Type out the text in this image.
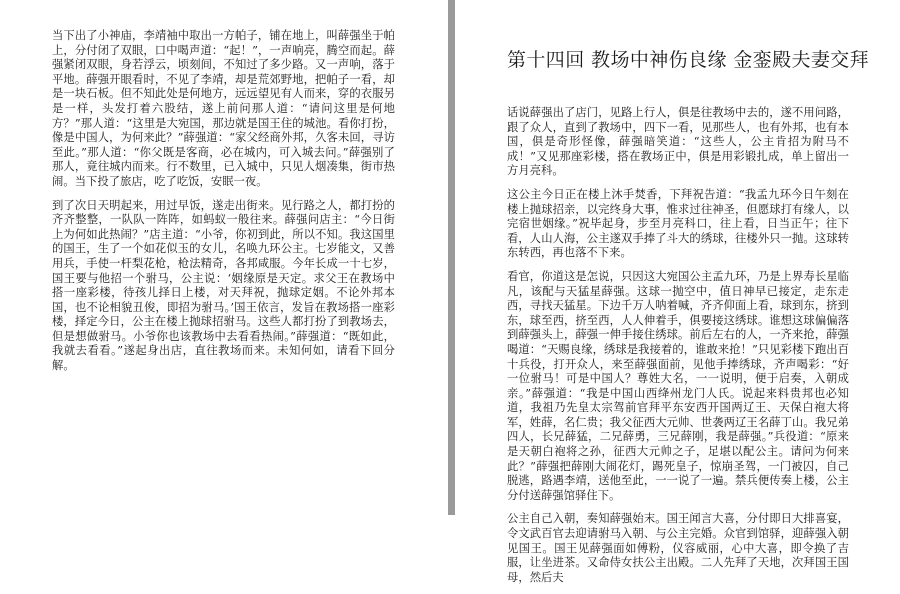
当下出了小神庙，李靖袖中取出一方帕子，铺在地上，叫薛强坐于帕上，分付闭了双眼，口中喝声道：“起！”，一声响亮，腾空而起。薛强紧闭双眼，身若浮云，顷刻间，不知过了多少路。又一声响，落于平地。薛强开眼看时，不见了李靖，却是荒郊野地，把帕子一看，却是一块石板。但不知此处是何地方，远远望见有人而来，穿的衣服另是一样，头发打着六股结，遂上前问那人道：“请问这里是何地方？”那人道：“这里是大宛国，那边就是国王住的城池。看你打扮，像是中国人，为何来此？”薛强道：“家父经商外邦，久客未回，寻访至此。”那人道：“你父既是客商，必在城内，可入城去问。”薛强别了那人，竟往城内而来。行不数里，已入城中，只见人烟凑集，街市热闹。当下投了旅店，吃了吃饭，安眠一夜。

到了次日天明起来，用过早饭，遂走出街来。见行路之人，都打扮的齐齐整整，一队队一阵阵，如蚂蚁一般往来。薛强问店主：“今日街上为何如此热闹？”店主道：“小爷，你初到此，所以不知。我这国里的国王，生了一个如花似玉的女儿，名唤九环公主。七岁能文，又善用兵，手使一杆梨花枪，枪法精奇，各邦咸服。今年长成一十七岁，国王要与他招一个驸马，公主说：‘姻缘原是天定。求父王在教场中搭一座彩楼，待孩儿择日上楼，对天拜祝，抛球定姻。不论外邦本国，也不论相貌丑俊，即招为驸马。’国王依言，发旨在教场搭一座彩楼，择定今日，公主在楼上抛球招驸马。这些人都打扮了到教场去，但是想做驸马。小爷你也该教场中去看看热闹。”薛强道：“既如此，我就去看看。”遂起身出店，直往教场而来。未知何如，请看下回分解。

第十四回 教场中神伤良缘 金銮殿夫妻交拜

话说薛强出了店门，见路上行人，俱是往教场中去的，遂不用问路，跟了众人，直到了教场中，四下一看，见那些人，也有外邦，也有本国，俱是奇形怪像，薛强暗笑道：“这些人，公主肯招为附马不成！”又见那座彩楼，搭在教场正中，俱是用彩锻扎成，单上留出一方月亮科。

这公主今日正在楼上沐手焚香，下拜祝告道：“我孟九环今日午刻在楼上抛球招亲，以完终身大事，惟求过往神圣，但愿球打有缘人，以完宿世姻缘。”祝毕起身，步至月亮科口，往上看，日当正午；往下看，人山人海，公主遂双手捧了斗大的绣球，往楼外只一抛。这球转东转西，再也落不下来。

看官，你道这是怎说，只因这大宛国公主孟九环，乃是上界寿长星临凡，该配与天猛星薛强。这球一抛空中，值日神早已接定，走东走西，寻找天猛星。下边千万人呐着喊，齐齐仰面上看，球到东，挤到东，球至西，挤至西，人人伸着手，俱要接这绣球。谁想这球偏偏落到薛强头上，薛强一伸手接住绣球。前后左右的人，一齐来抢，薛强喝道：“天赐良缘，绣球是我接着的，谁敢来抢！”只见彩楼下跑出百十兵役，打开众人，来至薛强面前，见他手捧绣球，齐声喝彩：“好一位驸马！可是中国人？尊姓大名，一一说明，便于启奏，入朝成亲。”薛强道：“我是中国山西绛州龙门人氏。说起来料贵邦也必知道，我祖乃先皇太宗驾前官拜平东安西开国两辽王、天保白袍大将军，姓薛，名仁贵；我父征西大元帅、世袭两辽王名薛丁山。我兄弟四人，长兄薛猛，二兄薛勇，三兄薛刚，我是薛强。”兵役道：“原来是天朝白袍将之孙，征西大元帅之子，足堪以配公主。请问为何来此？”薛强把薛刚大闹花灯，踢死皇子，惊崩圣驾，一门被囚，自己脱逃，路遇李靖，送他至此，一一说了一遍。禁兵便传奏上楼，公主分付送薛强馆驿住下。

公主自己入朝，奏知薛强始末。国王闻言大喜，分付即日大排喜宴，令文武百官去迎请驸马入朝、与公主完婚。众官到馆驿，迎薛强入朝见国王。国王见薛强面如傅粉，仪容威丽，心中大喜，即令换了吉服，让坐进茶。又命侍女扶公主出殿。二人先拜了天地，次拜国王国母，然后夫
